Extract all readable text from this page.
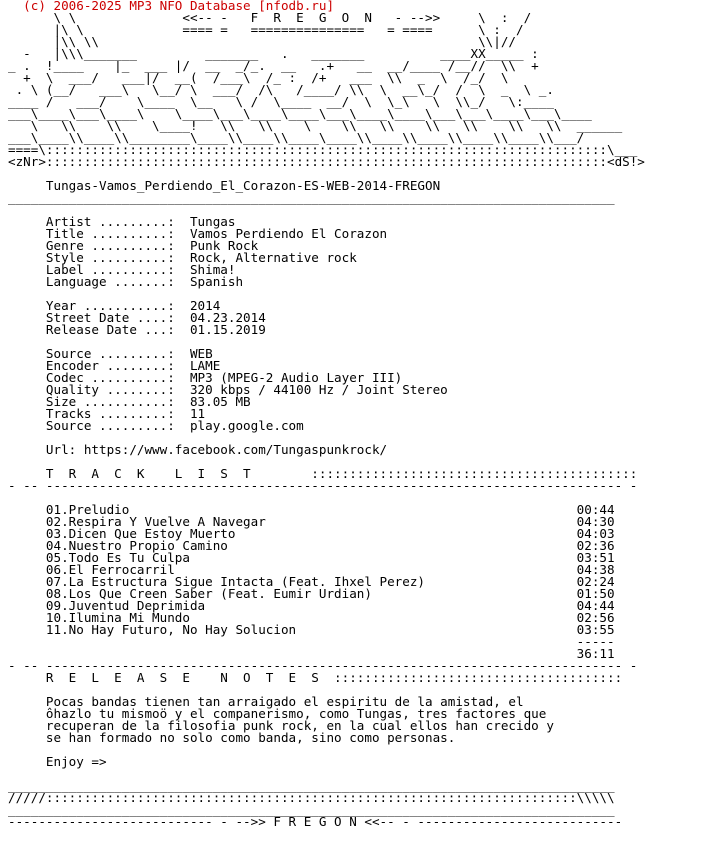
(c) 2006-2025 MP3 NFO Database [nfodb.ru]
\ \              <<-- -   F  R  E  G  O  N   - -->>     \  :  /
|\ \             ==== =   ===============   = ====      \ :  /
|\\ \\                                                  \\|//
-   |\\\_______         _______   .   _______          ____XX_____ :
_ .  !____    |_  ___ |/  __  _/_.  __   .+   __  __/____ /__//  \\  +
+  \  ___/   ___|/  __(  /___\  /_ :  /+   ___  \\  _  \  /_/  \
. \ (__/   ___\   \__/ \  ___/  /\   /____/ \\  \  __\_/  /  \  _  \ _.
____ /   ___/    \____  \__   \ /  \____  __/  \  \_\   \  \\_/   \:____
___\____\___\____\    \____\___\____\____\___\____\____\___\___\____\___\____
\   \\    \\    \____!   \\   \\    \    \\   \\    \\   \\    \\   \\  ______
___\____\\____\\________\____\\____\\____\____\\____\\____\\____\\____\\___/
====\::::::::::::::::::::::::::::::::::::::::::::::::::::::::::::::::::::::::::\___
<zNr>::::::::::::::::::::::::::::::::::::::::::::::::::::::::::::::::::::::::::<dS!>
Tungas-Vamos_Perdiendo_El_Corazon-ES-WEB-2014-FREGON
________________________________________________________________________________
Artist .........:  Tungas
Title ..........:  Vamos Perdiendo El Corazon
Genre ..........:  Punk Rock
Style ..........:  Rock, Alternative rock
Label ..........:  Shima!
Language .......:  Spanish
Year ...........:  2014
Street Date ....:  04.23.2014
Release Date ...:  01.15.2019
Source .........:  WEB
Encoder ........:  LAME
Codec ..........:  MP3 (MPEG-2 Audio Layer III)
Quality ........:  320 kbps / 44100 Hz / Joint Stereo
Size ...........:  83.05 MB
Tracks .........:  11
Source .........:  play.google.com
Url: https://www.facebook.com/Tungaspunkrock/
T  R  A  C  K    L  I  S  T        :::::::::::::::::::::::::::::::::::::::::::
- -- ---------------------------------------------------------------------------- -
01.Preludio                                                           00:44
02.Respira Y Vuelve A Navegar                                         04:30
03.Dicen Que Estoy Muerto                                             04:03
04.Nuestro Propio Camino                                              02:36
05.Todo Es Tu Culpa                                                   03:51
06.El Ferrocarril                                                     04:38
07.La Estructura Sigue Intacta (Feat. Ihxel Perez)                    02:24
08.Los Que Creen Saber (Feat. Eumir Urdian)                           01:50
09.Juventud Deprimida                                                 04:44
10.Ilumina Mi Mundo                                                   02:56
11.No Hay Futuro, No Hay Solucion                                     03:55
-----
36:11
- -- ---------------------------------------------------------------------------- -
R  E  L  E  A  S  E    N  O  T  E  S  ::::::::::::::::::::::::::::::::::::::
Pocas bandas tienen tan arraigado el espiritu de la amistad, el
ôhazlo tu mismoö y el companerismo, como Tungas, tres factores que
recuperan de la filosofia punk rock, en la cual ellos han crecido y
se han formado no solo como banda, sino como personas.
Enjoy =>
________________________________________________________________________________
/////::::::::::::::::::::::::::::::::::::::::::::::::::::::::::::::::::::::\\\\\
________________________________________________________________________________
--------------------------- - -->> F R E G O N <<-- - ---------------------------
